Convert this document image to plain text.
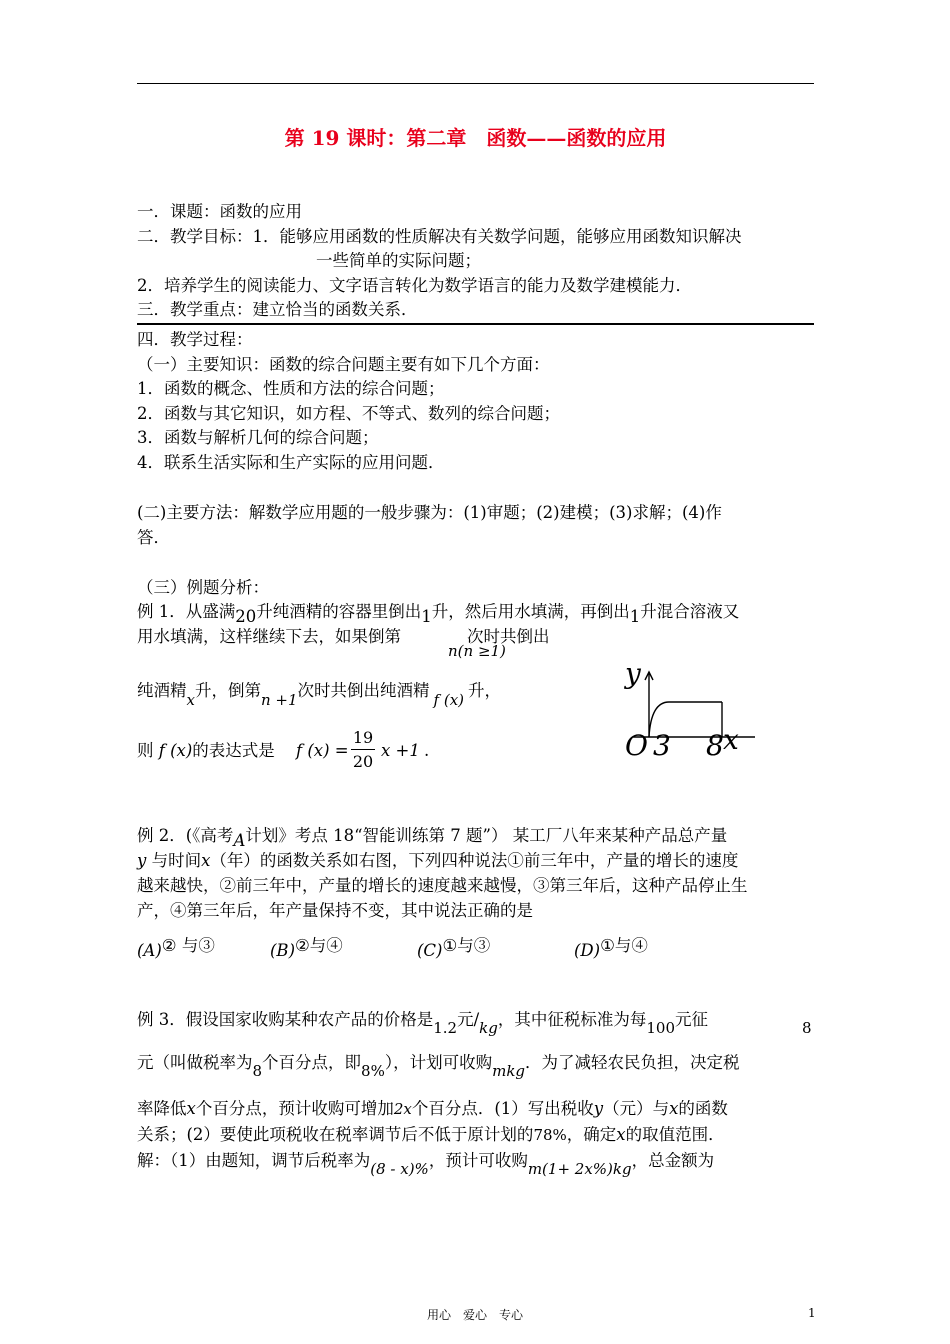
第 19 课时：第二章　函数——函数的应用
一．课题：函数的应用
二．教学目标：1．能够应用函数的性质解决有关数学问题，能够应用函数知识解决
一些简单的实际问题；
2．培养学生的阅读能力、文字语言转化为数学语言的能力及数学建模能力．
三．教学重点：建立恰当的函数关系．
四．教学过程：
（一）主要知识：函数的综合问题主要有如下几个方面：
1．函数的概念、性质和方法的综合问题；
2．函数与其它知识，如方程、不等式、数列的综合问题；
3．函数与解析几何的综合问题；
4．联系生活实际和生产实际的应用问题．
(二)主要方法：解数学应用题的一般步骤为：(1)审题；(2)建模；(3)求解；(4)作
答．
（三）例题分析：
例 1．从盛满20升纯酒精的容器里倒出1升，然后用水填满，再倒出1升混合溶液又
用水填满，这样继续下去，如果倒第	次时共倒出
n(n ≥1)
纯酒精x升，倒第n +1次时共倒出纯酒精 f (x) 升，
则 f (x)的表达式是 f (x) =
19
20
x +1 .
y
O 3 8 x
例 2．(《高考A计划》考点 18“智能训练第 7 题”） 某工厂八年来某种产品总产量
y 与时间x（年）的函数关系如右图，下列四种说法①前三年中，产量的增长的速度
越来越快，②前三年中，产量的增长的速度越来越慢，③第三年后，这种产品停止生
产，④第三年后，年产量保持不变，其中说法正确的是
(A)② 与③	(B)②与④	(C)①与③	(D)①与④
例 3．假设国家收购某种农产品的价格是1.2元/kg，其中征税标准为每100元征	8
元（叫做税率为8个百分点，即8%），计划可收购mkg．为了减轻农民负担，决定税
率降低x个百分点，预计收购可增加2x个百分点．(1）写出税收y（元）与x的函数
关系；(2）要使此项税收在税率调节后不低于原计划的78%，确定x的取值范围．
解：（1）由题知，调节后税率为(8 - x)%，预计可收购m(1+ 2x%)kg，总金额为
用心　爱心　专心	1
